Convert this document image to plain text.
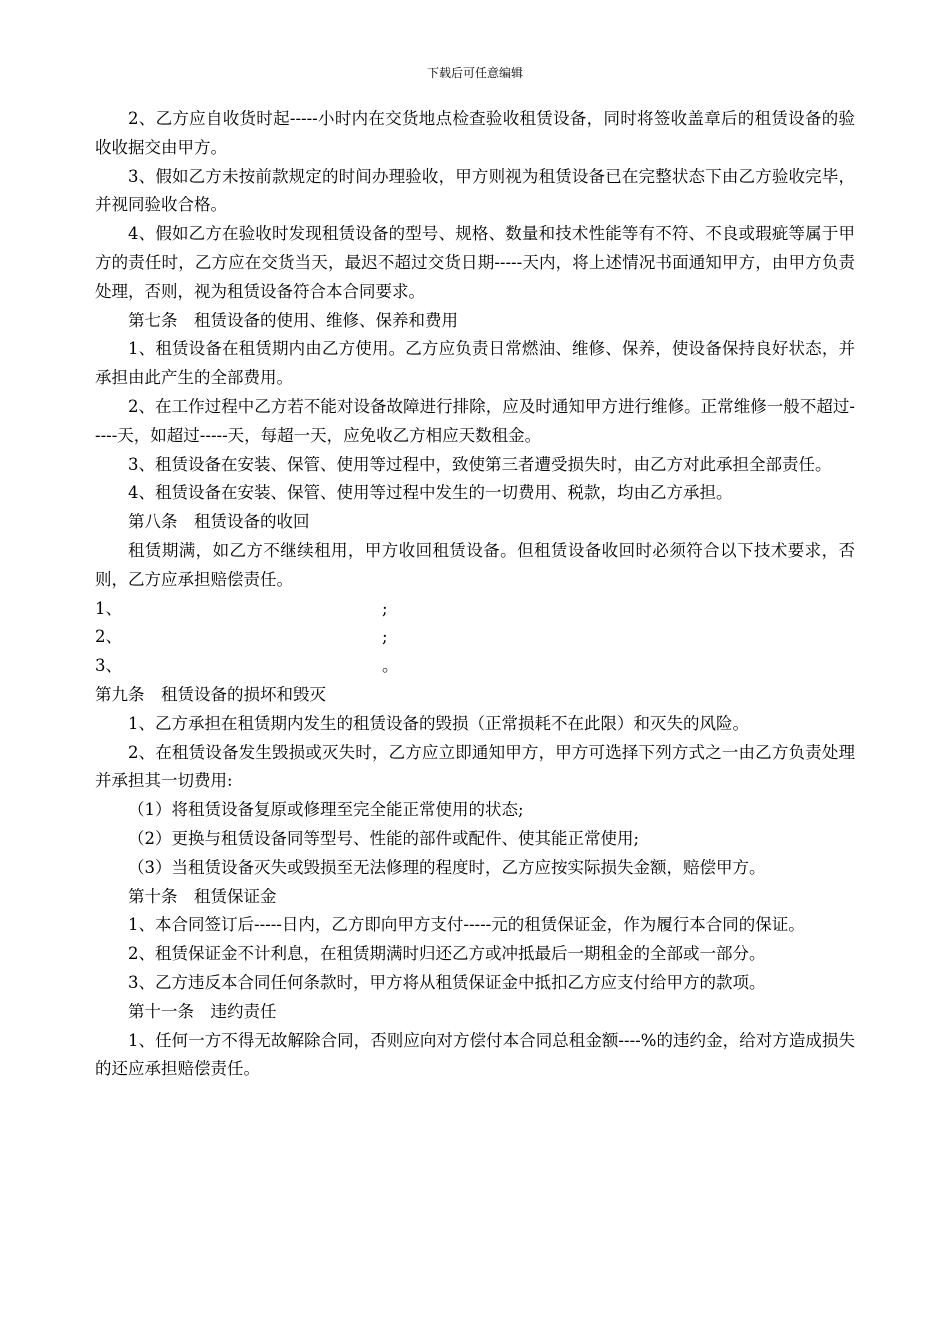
下载后可任意编辑

2、乙方应自收货时起-----小时内在交货地点检查验收租赁设备，同时将签收盖章后的租赁设备的验收收据交由甲方。

3、假如乙方未按前款规定的时间办理验收，甲方则视为租赁设备已在完整状态下由乙方验收完毕，并视同验收合格。

4、假如乙方在验收时发现租赁设备的型号、规格、数量和技术性能等有不符、不良或瑕疵等属于甲方的责任时，乙方应在交货当天，最迟不超过交货日期-----天内，将上述情况书面通知甲方，由甲方负责处理，否则，视为租赁设备符合本合同要求。

第七条　租赁设备的使用、维修、保养和费用

1、租赁设备在租赁期内由乙方使用。乙方应负责日常燃油、维修、保养，使设备保持良好状态，并承担由此产生的全部费用。

2、在工作过程中乙方若不能对设备故障进行排除，应及时通知甲方进行维修。正常维修一般不超过-----天，如超过-----天，每超一天，应免收乙方相应天数租金。

3、租赁设备在安装、保管、使用等过程中，致使第三者遭受损失时，由乙方对此承担全部责任。

4、租赁设备在安装、保管、使用等过程中发生的一切费用、税款，均由乙方承担。

第八条　租赁设备的收回

租赁期满，如乙方不继续租用，甲方收回租赁设备。但租赁设备收回时必须符合以下技术要求，否则，乙方应承担赔偿责任。

1、	;
2、	;
3、	。

第九条　租赁设备的损坏和毁灭

1、乙方承担在租赁期内发生的租赁设备的毁损（正常损耗不在此限）和灭失的风险。

2、在租赁设备发生毁损或灭失时，乙方应立即通知甲方，甲方可选择下列方式之一由乙方负责处理并承担其一切费用:

（1）将租赁设备复原或修理至完全能正常使用的状态;

（2）更换与租赁设备同等型号、性能的部件或配件、使其能正常使用;

（3）当租赁设备灭失或毁损至无法修理的程度时，乙方应按实际损失金额，赔偿甲方。

第十条　租赁保证金

1、本合同签订后-----日内，乙方即向甲方支付-----元的租赁保证金，作为履行本合同的保证。

2、租赁保证金不计利息，在租赁期满时归还乙方或冲抵最后一期租金的全部或一部分。

3、乙方违反本合同任何条款时，甲方将从租赁保证金中抵扣乙方应支付给甲方的款项。

第十一条　违约责任

1、任何一方不得无故解除合同，否则应向对方偿付本合同总租金额----%的违约金，给对方造成损失的还应承担赔偿责任。
